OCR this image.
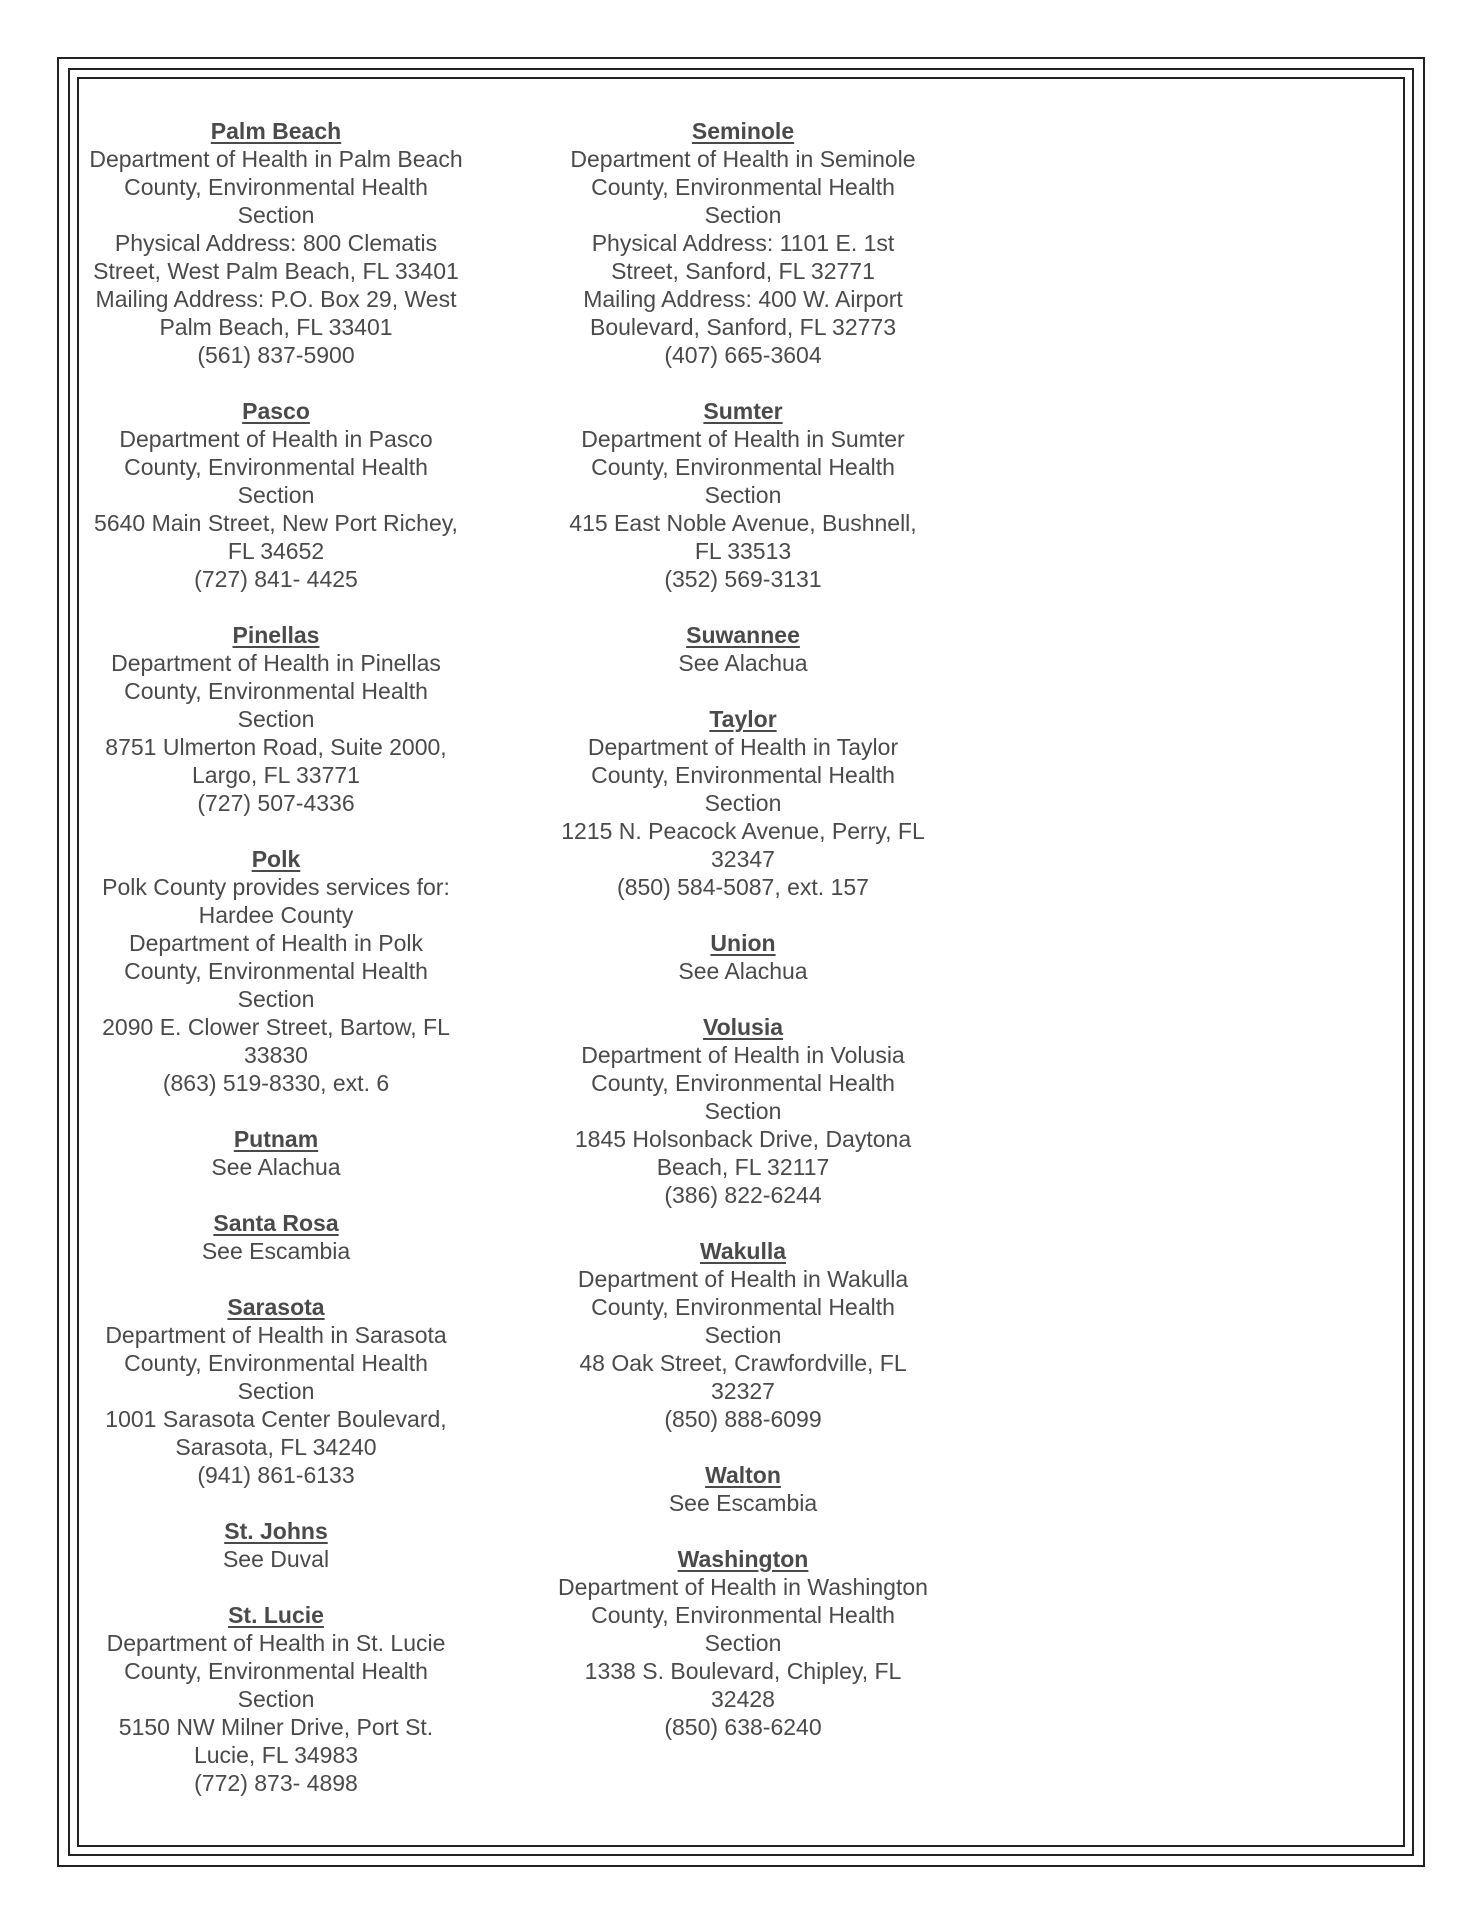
Palm Beach
Department of Health in Palm Beach County, Environmental Health Section
Physical Address: 800 Clematis Street, West Palm Beach, FL 33401
Mailing Address: P.O. Box 29, West Palm Beach, FL 33401
(561) 837-5900
Pasco
Department of Health in Pasco County, Environmental Health Section
5640 Main Street, New Port Richey, FL 34652
(727) 841- 4425
Pinellas
Department of Health in Pinellas County, Environmental Health Section
8751 Ulmerton Road, Suite 2000, Largo, FL 33771
(727) 507-4336
Polk
Polk County provides services for:
Hardee County
Department of Health in Polk County, Environmental Health Section
2090 E. Clower Street, Bartow, FL 33830
(863) 519-8330, ext. 6
Putnam
See Alachua
Santa Rosa
See Escambia
Sarasota
Department of Health in Sarasota County, Environmental Health Section
1001 Sarasota Center Boulevard, Sarasota, FL 34240
(941) 861-6133
St. Johns
See Duval
St. Lucie
Department of Health in St. Lucie County, Environmental Health Section
5150 NW Milner Drive, Port St. Lucie, FL 34983
(772) 873- 4898
Seminole
Department of Health in Seminole County, Environmental Health Section
Physical Address: 1101 E. 1st Street, Sanford, FL 32771
Mailing Address: 400 W. Airport Boulevard, Sanford, FL 32773
(407) 665-3604
Sumter
Department of Health in Sumter County, Environmental Health Section
415 East Noble Avenue, Bushnell, FL 33513
(352) 569-3131
Suwannee
See Alachua
Taylor
Department of Health in Taylor County, Environmental Health Section
1215 N. Peacock Avenue, Perry, FL 32347
(850) 584-5087, ext. 157
Union
See Alachua
Volusia
Department of Health in Volusia County, Environmental Health Section
1845 Holsonback Drive, Daytona Beach, FL 32117
(386) 822-6244
Wakulla
Department of Health in Wakulla County, Environmental Health Section
48 Oak Street, Crawfordville, FL 32327
(850) 888-6099
Walton
See Escambia
Washington
Department of Health in Washington County, Environmental Health Section
1338 S. Boulevard, Chipley, FL 32428
(850) 638-6240
